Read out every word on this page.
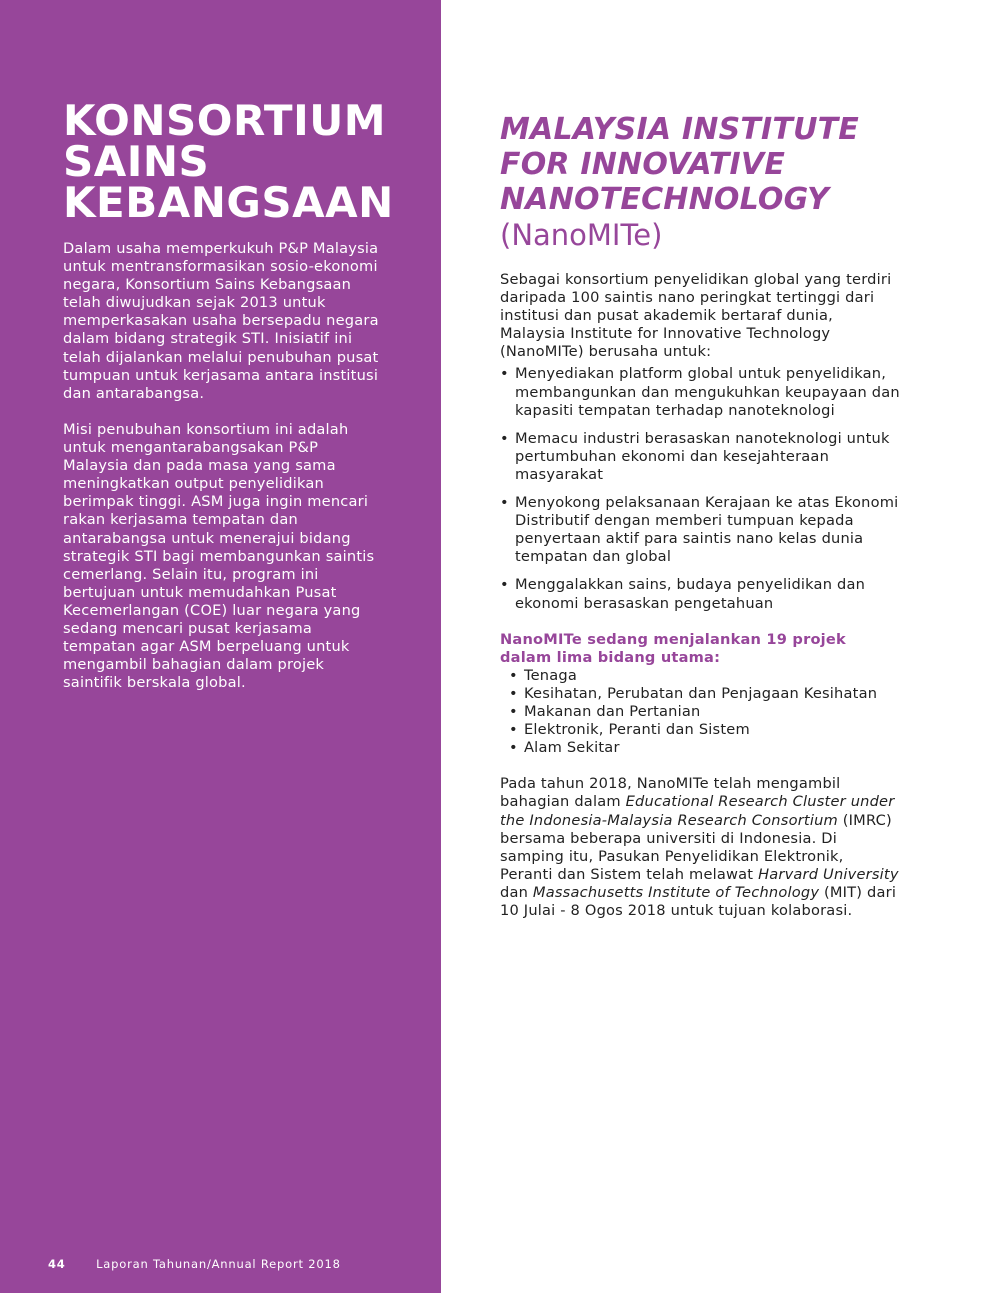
KONSORTIUM
SAINS
KEBANGSAAN

Dalam usaha memperkukuh P&P Malaysia untuk mentransformasikan sosio-ekonomi negara, Konsortium Sains Kebangsaan telah diwujudkan sejak 2013 untuk memperkasakan usaha bersepadu negara dalam bidang strategik STI. Inisiatif ini telah dijalankan melalui penubuhan pusat tumpuan untuk kerjasama antara institusi dan antarabangsa.

Misi penubuhan konsortium ini adalah untuk mengantarabangsakan P&P Malaysia dan pada masa yang sama meningkatkan output penyelidikan berimpak tinggi. ASM juga ingin mencari rakan kerjasama tempatan dan antarabangsa untuk menerajui bidang strategik STI bagi membangunkan saintis cemerlang. Selain itu, program ini bertujuan untuk memudahkan Pusat Kecemerlangan (COE) luar negara yang sedang mencari pusat kerjasama tempatan agar ASM berpeluang untuk mengambil bahagian dalam projek saintifik berskala global.

44	Laporan Tahunan/Annual Report 2018
MALAYSIA INSTITUTE
FOR INNOVATIVE
NANOTECHNOLOGY
(NanoMITe)

Sebagai konsortium penyelidikan global yang terdiri daripada 100 saintis nano peringkat tertinggi dari institusi dan pusat akademik bertaraf dunia, Malaysia Institute for Innovative Technology (NanoMITe) berusaha untuk:

• Menyediakan platform global untuk penyelidikan, membangunkan dan mengukuhkan keupayaan dan kapasiti tempatan terhadap nanoteknologi
• Memacu industri berasaskan nanoteknologi untuk pertumbuhan ekonomi dan kesejahteraan masyarakat
• Menyokong pelaksanaan Kerajaan ke atas Ekonomi Distributif dengan memberi tumpuan kepada penyertaan aktif para saintis nano kelas dunia tempatan dan global
• Menggalakkan sains, budaya penyelidikan dan ekonomi berasaskan pengetahuan

NanoMITe sedang menjalankan 19 projek dalam lima bidang utama:

• Tenaga
• Kesihatan, Perubatan dan Penjagaan Kesihatan
• Makanan dan Pertanian
• Elektronik, Peranti dan Sistem
• Alam Sekitar

Pada tahun 2018, NanoMITe telah mengambil bahagian dalam Educational Research Cluster under the Indonesia-Malaysia Research Consortium (IMRC) bersama beberapa universiti di Indonesia. Di samping itu, Pasukan Penyelidikan Elektronik, Peranti dan Sistem telah melawat Harvard University dan Massachusetts Institute of Technology (MIT) dari 10 Julai - 8 Ogos 2018 untuk tujuan kolaborasi.
